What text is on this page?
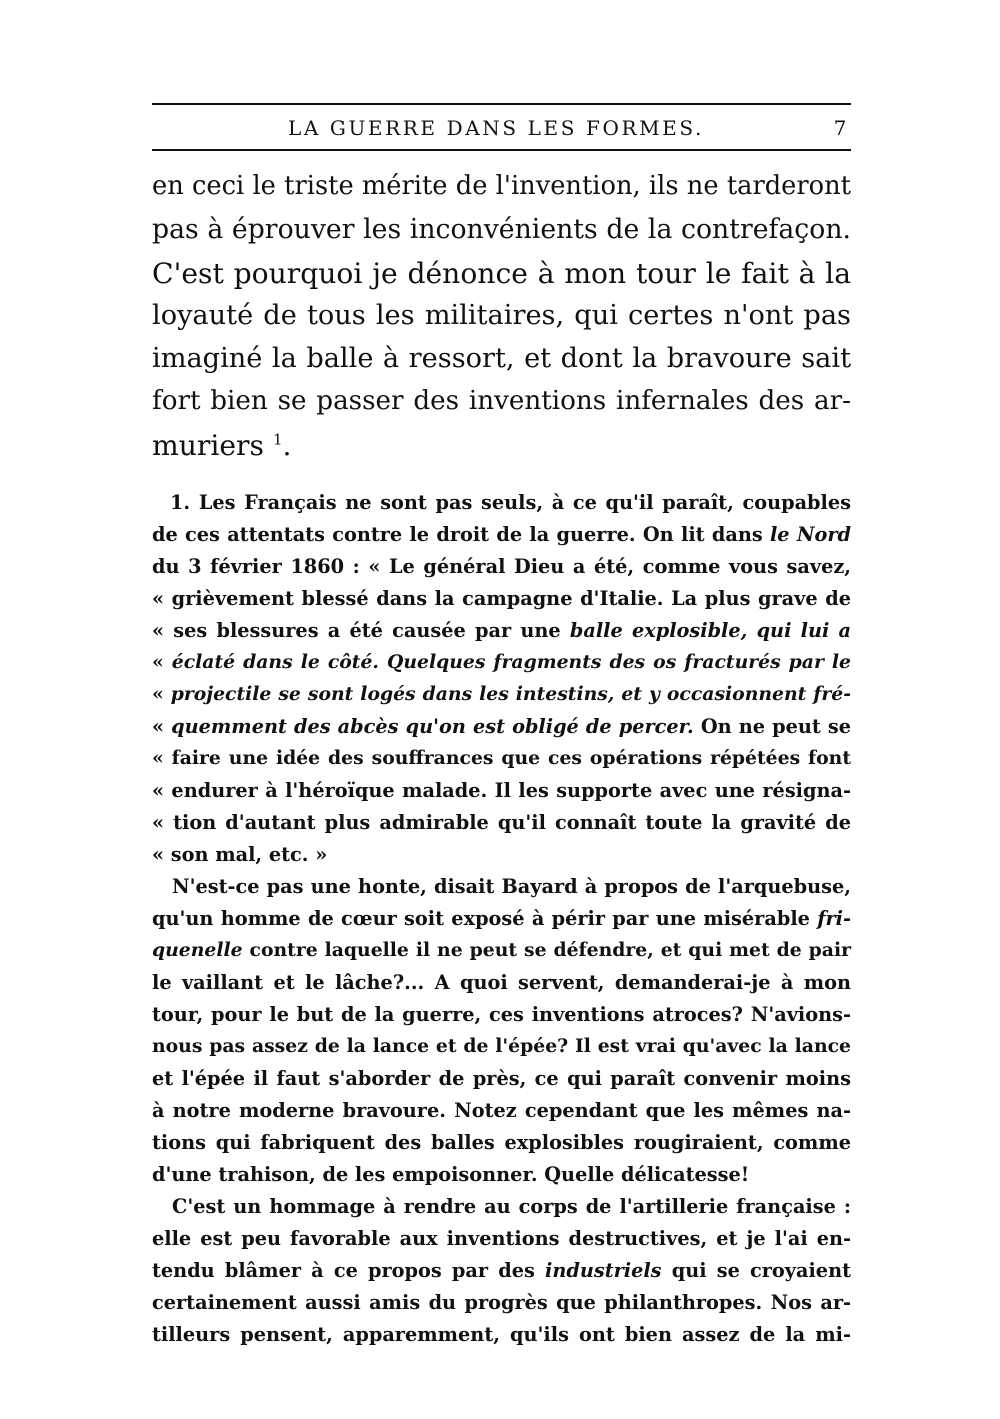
LA GUERRE DANS LES FORMES.	7
en ceci le triste mérite de l'invention, ils ne tarderont
pas à éprouver les inconvénients de la contrefaçon.
C'est pourquoi je dénonce à mon tour le fait à la
loyauté de tous les militaires, qui certes n'ont pas
imaginé la balle à ressort, et dont la bravoure sait
fort bien se passer des inventions infernales des ar-
muriers $^1$.
1. Les Français ne sont pas seuls, à ce qu'il paraît, coupables
de ces attentats contre le droit de la guerre. On lit dans le Nord
du 3 février 1860 : « Le général Dieu a été, comme vous savez,
« grièvement blessé dans la campagne d'Italie. La plus grave de
« ses blessures a été causée par une balle explosible, qui lui a
« éclaté dans le côté. Quelques fragments des os fracturés par le
« projectile se sont logés dans les intestins, et y occasionnent fré-
« quemment des abcès qu'on est obligé de percer. On ne peut se
« faire une idée des souffrances que ces opérations répétées font
« endurer à l'héroïque malade. Il les supporte avec une résigna-
« tion d'autant plus admirable qu'il connaît toute la gravité de
« son mal, etc. »
N'est-ce pas une honte, disait Bayard à propos de l'arquebuse,
qu'un homme de cœur soit exposé à périr par une misérable fri-
quenelle contre laquelle il ne peut se défendre, et qui met de pair
le vaillant et le lâche?... A quoi servent, demanderai-je à mon
tour, pour le but de la guerre, ces inventions atroces? N'avions-
nous pas assez de la lance et de l'épée? Il est vrai qu'avec la lance
et l'épée il faut s'aborder de près, ce qui paraît convenir moins
à notre moderne bravoure. Notez cependant que les mêmes na-
tions qui fabriquent des balles explosibles rougiraient, comme
d'une trahison, de les empoisonner. Quelle délicatesse!
C'est un hommage à rendre au corps de l'artillerie française :
elle est peu favorable aux inventions destructives, et je l'ai en-
tendu blâmer à ce propos par des industriels qui se croyaient
certainement aussi amis du progrès que philanthropes. Nos ar-
tilleurs pensent, apparemment, qu'ils ont bien assez de la mi-
